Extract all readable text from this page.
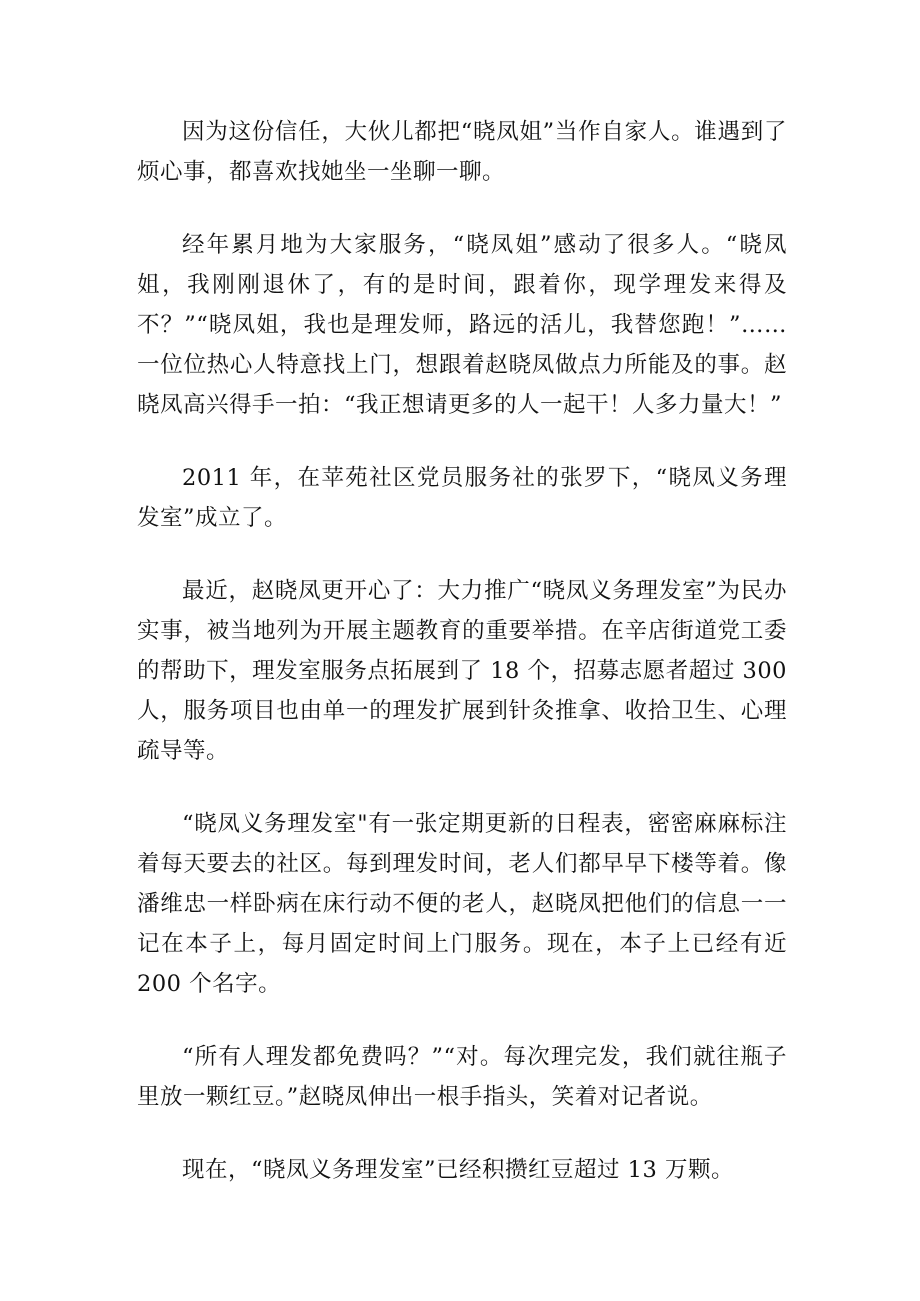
因为这份信任，大伙儿都把“晓凤姐”当作自家人。谁遇到了烦心事，都喜欢找她坐一坐聊一聊。

经年累月地为大家服务，“晓凤姐”感动了很多人。“晓凤姐，我刚刚退休了，有的是时间，跟着你，现学理发来得及不？”“晓凤姐，我也是理发师，路远的活儿，我替您跑！”……一位位热心人特意找上门，想跟着赵晓凤做点力所能及的事。赵晓凤高兴得手一拍：“我正想请更多的人一起干！人多力量大！”

2011 年，在苹苑社区党员服务社的张罗下，“晓凤义务理发室”成立了。

最近，赵晓凤更开心了：大力推广“晓凤义务理发室”为民办实事，被当地列为开展主题教育的重要举措。在辛店街道党工委的帮助下，理发室服务点拓展到了 18 个，招募志愿者超过 300 人，服务项目也由单一的理发扩展到针灸推拿、收拾卫生、心理疏导等。

“晓凤义务理发室"有一张定期更新的日程表，密密麻麻标注着每天要去的社区。每到理发时间，老人们都早早下楼等着。像潘维忠一样卧病在床行动不便的老人，赵晓凤把他们的信息一一记在本子上，每月固定时间上门服务。现在，本子上已经有近 200 个名字。

“所有人理发都免费吗？”“对。每次理完发，我们就往瓶子里放一颗红豆。”赵晓凤伸出一根手指头，笑着对记者说。

现在，“晓凤义务理发室”已经积攒红豆超过 13 万颗。
